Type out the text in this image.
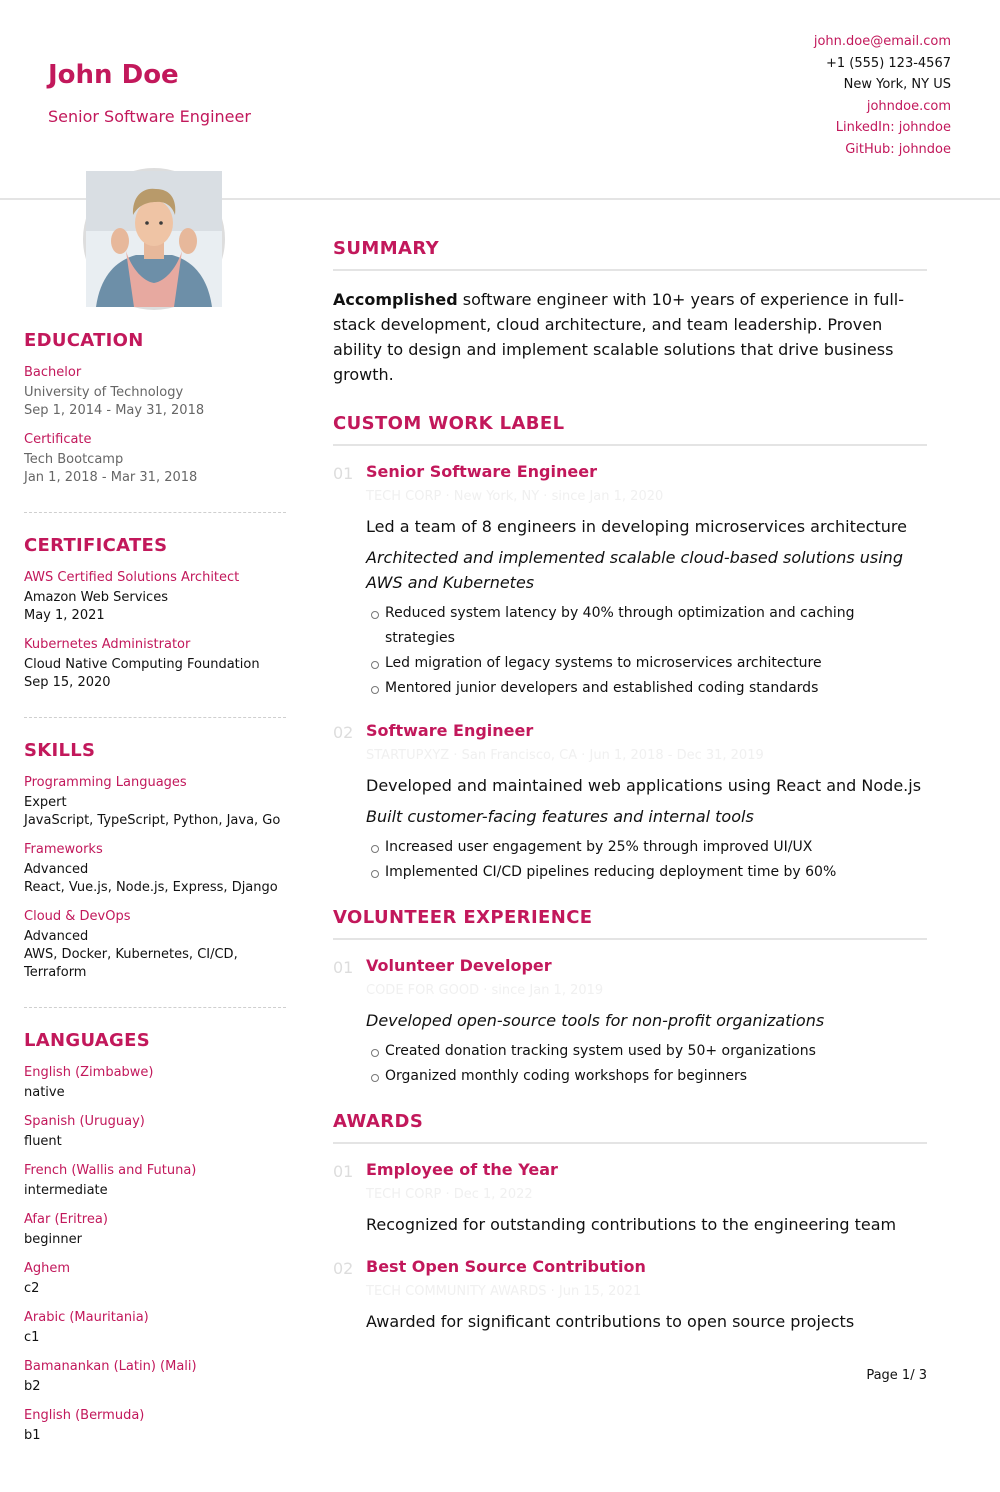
John Doe
Senior Software Engineer
john.doe@email.com
+1 (555) 123-4567
New York, NY US
johndoe.com
LinkedIn: johndoe
GitHub: johndoe
EDUCATION
Bachelor
University of Technology
Sep 1, 2014 - May 31, 2018
Certificate
Tech Bootcamp
Jan 1, 2018 - Mar 31, 2018
CERTIFICATES
AWS Certified Solutions Architect
Amazon Web Services
May 1, 2021
Kubernetes Administrator
Cloud Native Computing Foundation
Sep 15, 2020
SKILLS
Programming Languages
Expert
JavaScript, TypeScript, Python, Java, Go
Frameworks
Advanced
React, Vue.js, Node.js, Express, Django
Cloud & DevOps
Advanced
AWS, Docker, Kubernetes, CI/CD, Terraform
LANGUAGES
English (Zimbabwe)
native
Spanish (Uruguay)
fluent
French (Wallis and Futuna)
intermediate
Afar (Eritrea)
beginner
Aghem
c2
Arabic (Mauritania)
c1
Bamanankan (Latin) (Mali)
b2
English (Bermuda)
b1
SUMMARY
Accomplished software engineer with 10+ years of experience in full-stack development, cloud architecture, and team leadership. Proven ability to design and implement scalable solutions that drive business growth.
CUSTOM WORK LABEL
01 Senior Software Engineer
TECH CORP · New York, NY · since Jan 1, 2020
Led a team of 8 engineers in developing microservices architecture
Architected and implemented scalable cloud-based solutions using AWS and Kubernetes
Reduced system latency by 40% through optimization and caching strategies
Led migration of legacy systems to microservices architecture
Mentored junior developers and established coding standards
02 Software Engineer
STARTUPXYZ · San Francisco, CA · Jun 1, 2018 - Dec 31, 2019
Developed and maintained web applications using React and Node.js
Built customer-facing features and internal tools
Increased user engagement by 25% through improved UI/UX
Implemented CI/CD pipelines reducing deployment time by 60%
VOLUNTEER EXPERIENCE
01 Volunteer Developer
CODE FOR GOOD · since Jan 1, 2019
Developed open-source tools for non-profit organizations
Created donation tracking system used by 50+ organizations
Organized monthly coding workshops for beginners
AWARDS
01 Employee of the Year
TECH CORP · Dec 1, 2022
Recognized for outstanding contributions to the engineering team
02 Best Open Source Contribution
TECH COMMUNITY AWARDS · Jun 15, 2021
Awarded for significant contributions to open source projects
Page 1/ 3
